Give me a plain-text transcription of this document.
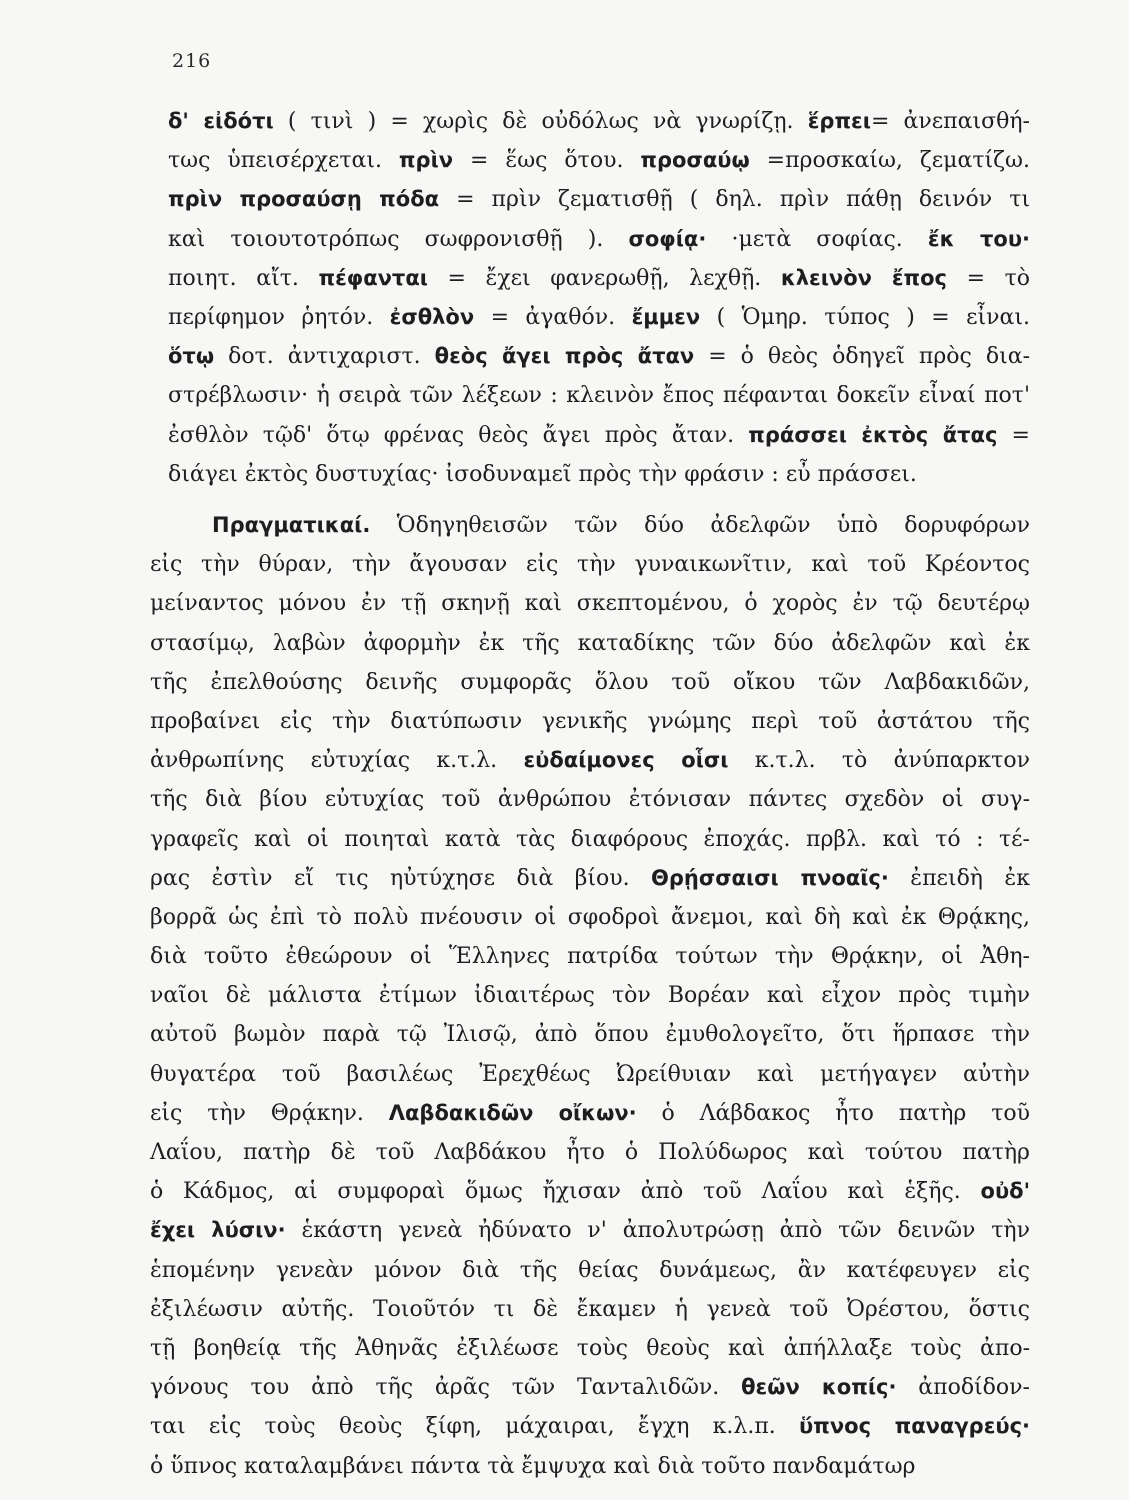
216
δ' εἰδότι ( τινὶ ) = χωρὶς δὲ οὐδόλως νὰ γνωρίζῃ. ἕρπει= ἀνεπαισθή-
τως ὑπεισέρχεται. πρὶν = ἕως ὅτου. προσαύῳ =προσκαίω, ζεματίζω.
πρὶν προσαύσῃ πόδα = πρὶν ζεματισθῇ ( δηλ. πρὶν πάθῃ δεινόν τι
καὶ τοιουτοτρόπως σωφρονισθῇ ). σοφίᾳ· ·μετὰ σοφίας. ἔκ του·
ποιητ. αἴτ. πέφανται = ἔχει φανερωθῇ, λεχθῇ. κλεινὸν ἔπος = τὸ
περίφημον ῥητόν. ἐσθλὸν = ἀγαθόν. ἔμμεν ( Ὁμηρ. τύπος ) = εἶναι.
ὅτῳ δοτ. ἀντιχαριστ. θεὸς ἄγει πρὸς ἄταν = ὁ θεὸς ὁδηγεῖ πρὸς δια-
στρέβλωσιν· ἡ σειρὰ τῶν λέξεων : κλεινὸν ἔπος πέφανται δοκεῖν εἶναί ποτ'
ἐσθλὸν τῷδ' ὅτῳ φρένας θεὸς ἄγει πρὸς ἄταν. πράσσει ἐκτὸς ἄτας =
διάγει ἐκτὸς δυστυχίας· ἰσοδυναμεῖ πρὸς τὴν φράσιν : εὖ πράσσει.
Πραγματικαί. Ὁδηγηθεισῶν τῶν δύο ἀδελφῶν ὑπὸ δορυφόρων
εἰς τὴν θύραν, τὴν ἄγουσαν εἰς τὴν γυναικωνῖτιν, καὶ τοῦ Κρέοντος
μείναντος μόνου ἐν τῇ σκηνῇ καὶ σκεπτομένου, ὁ χορὸς ἐν τῷ δευτέρῳ
στασίμῳ, λαβὼν ἀφορμὴν ἐκ τῆς καταδίκης τῶν δύο ἀδελφῶν καὶ ἐκ
τῆς ἐπελθούσης δεινῆς συμφορᾶς ὅλου τοῦ οἴκου τῶν Λαβδακιδῶν,
προβαίνει εἰς τὴν διατύπωσιν γενικῆς γνώμης περὶ τοῦ ἀστάτου τῆς
ἀνθρωπίνης εὐτυχίας κ.τ.λ. εὐδαίμονες οἷσι κ.τ.λ. τὸ ἀνύπαρκτον
τῆς διὰ βίου εὐτυχίας τοῦ ἀνθρώπου ἐτόνισαν πάντες σχεδὸν οἱ συγ-
γραφεῖς καὶ οἱ ποιηταὶ κατὰ τὰς διαφόρους ἐποχάς. πρβλ. καὶ τό : τέ-
ρας ἐστὶν εἴ τις ηὐτύχησε διὰ βίου. Θρῄσσαισι πνοαῖς· ἐπειδὴ ἐκ
βορρᾶ ὡς ἐπὶ τὸ πολὺ πνέουσιν οἱ σφοδροὶ ἄνεμοι, καὶ δὴ καὶ ἐκ Θρᾴκης,
διὰ τοῦτο ἐθεώρουν οἱ Ἕλληνες πατρίδα τούτων τὴν Θρᾴκην, οἱ Ἀθη-
ναῖοι δὲ μάλιστα ἐτίμων ἰδιαιτέρως τὸν Βορέαν καὶ εἶχον πρὸς τιμὴν
αὐτοῦ βωμὸν παρὰ τῷ Ἰλισῷ, ἀπὸ ὅπου ἐμυθολογεῖτο, ὅτι ἥρπασε τὴν
θυγατέρα τοῦ βασιλέως Ἐρεχθέως Ὠρείθυιαν καὶ μετήγαγεν αὐτὴν
εἰς τὴν Θρᾴκην. Λαβδακιδῶν οἴκων· ὁ Λάβδακος ἦτο πατὴρ τοῦ
Λαΐου, πατὴρ δὲ τοῦ Λαβδάκου ἦτο ὁ Πολύδωρος καὶ τούτου πατὴρ
ὁ Κάδμος, αἱ συμφοραὶ ὅμως ἤχισαν ἀπὸ τοῦ Λαΐου καὶ ἑξῆς. οὐδ'
ἔχει λύσιν· ἑκάστη γενεὰ ἠδύνατο ν' ἀπολυτρώσῃ ἀπὸ τῶν δεινῶν τὴν
ἑπομένην γενεὰν μόνον διὰ τῆς θείας δυνάμεως, ἂν κατέφευγεν εἰς
ἐξιλέωσιν αὐτῆς. Τοιοῦτόν τι δὲ ἔκαμεν ἡ γενεὰ τοῦ Ὀρέστου, ὅστις
τῇ βοηθείᾳ τῆς Ἀθηνᾶς ἐξιλέωσε τοὺς θεοὺς καὶ ἀπήλλαξε τοὺς ἀπο-
γόνους του ἀπὸ τῆς ἀρᾶς τῶν Ταντaλιδῶν. θεῶν κοπίς· ἀποδίδον-
ται εἰς τοὺς θεοὺς ξίφη, μάχαιραι, ἔγχη κ.λ.π. ὕπνος παναγρεύς·
ὁ ὕπνος καταλαμβάνει πάντα τὰ ἔμψυχα καὶ διὰ τοῦτο πανδαμάτωρ
